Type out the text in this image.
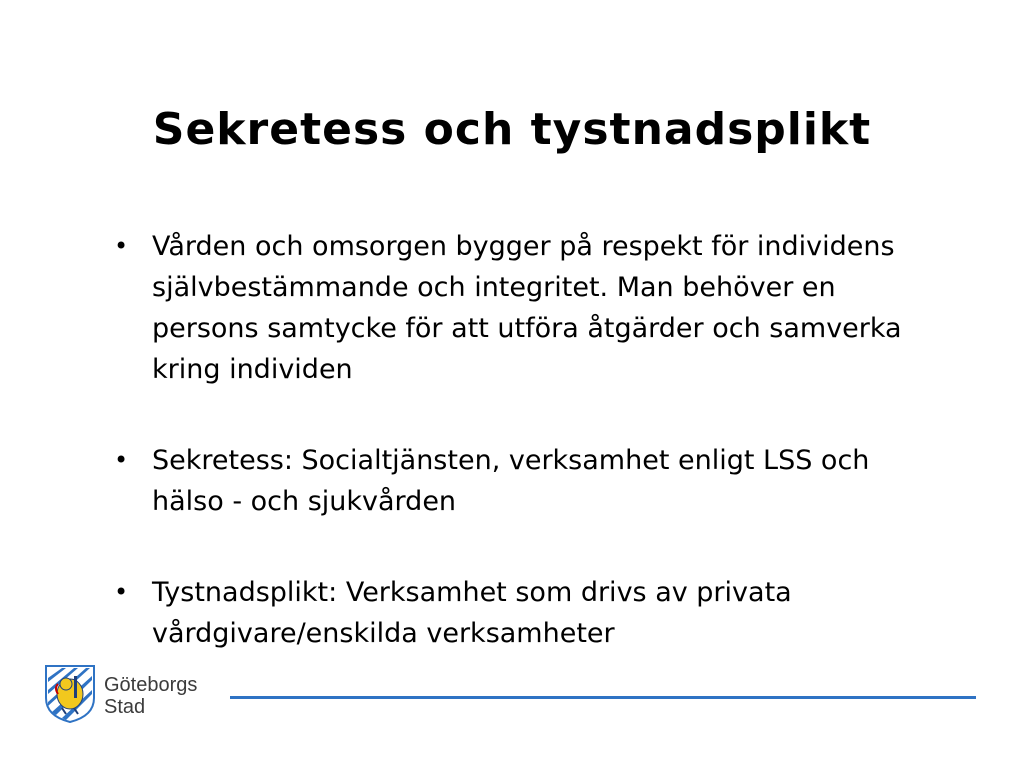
Sekretess och tystnadsplikt
• Vården och omsorgen bygger på respekt för individens självbestämmande och integritet. Man behöver en persons samtycke för att utföra åtgärder och samverka kring individen
• Sekretess: Socialtjänsten, verksamhet enligt LSS och hälso - och sjukvården
• Tystnadsplikt: Verksamhet som drivs av privata vårdgivare/enskilda verksamheter
Göteborgs
Stad
